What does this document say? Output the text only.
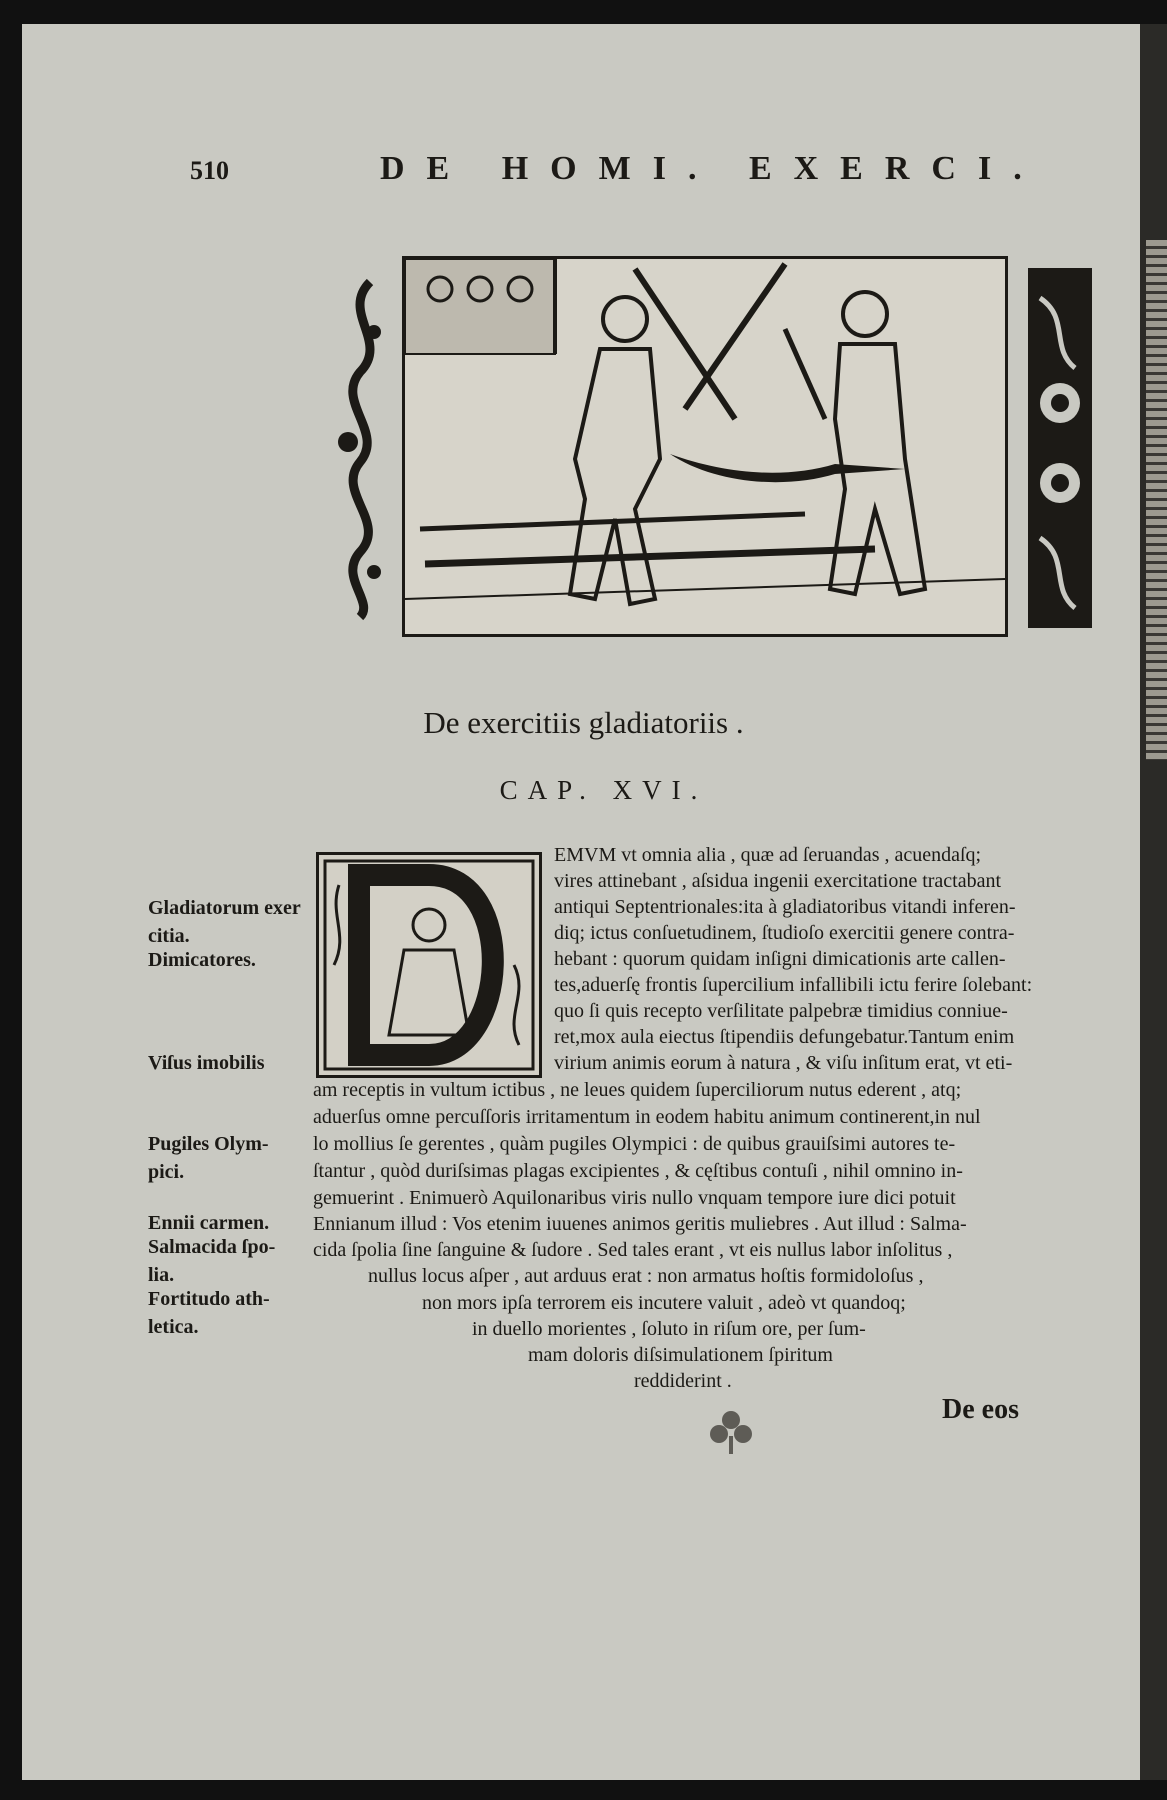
510	DE HOMI. EXERCI.
De exercitiis gladiatoriis .
CAP. XVI.
EMVM vt omnia alia , quæ ad ſeruandas , acuendaſq;
vires attinebant , aſsidua ingenii exercitatione tractabant
antiqui Septentrionales:ita à gladiatoribus vitandi inferen-
diq; ictus conſuetudinem, ſtudioſo exercitii genere contra-
hebant : quorum quidam inſigni dimicationis arte callen-
tes,aduerſę frontis ſupercilium infallibili ictu ferire ſolebant:
quo ſi quis recepto verſilitate palpebræ timidius conniue-
ret,mox aula eiectus ſtipendiis defungebatur.Tantum enim
virium animis eorum à natura , & viſu inſitum erat, vt eti-
am receptis in vultum ictibus , ne leues quidem ſuperciliorum nutus ederent , atq;
aduerſus omne percuſſoris irritamentum in eodem habitu animum continerent,in nul
lo mollius ſe gerentes , quàm pugiles Olympici : de quibus grauiſsimi autores te-
ſtantur , quòd duriſsimas plagas excipientes , & cęſtibus contuſi , nihil omnino in-
gemuerint . Enimuerò Aquilonaribus viris nullo vnquam tempore iure dici potuit
Ennianum illud : Vos etenim iuuenes animos geritis muliebres . Aut illud : Salma-
cida ſpolia ſine ſanguine & ſudore . Sed tales erant , vt eis nullus labor inſolitus ,
nullus locus aſper , aut arduus erat : non armatus hoſtis formidoloſus ,
non mors ipſa terrorem eis incutere valuit , adeò vt quandoq;
in duello morientes , ſoluto in riſum ore, per ſum-
mam doloris diſsimulationem ſpiritum
reddiderint .
Gladiatorum exer
citia.
Dimicatores.
Viſus imobilis
Pugiles Olym-
pici.
Ennii carmen.
Salmacida ſpo-
lia.
Fortitudo ath-
letica.
De eos
